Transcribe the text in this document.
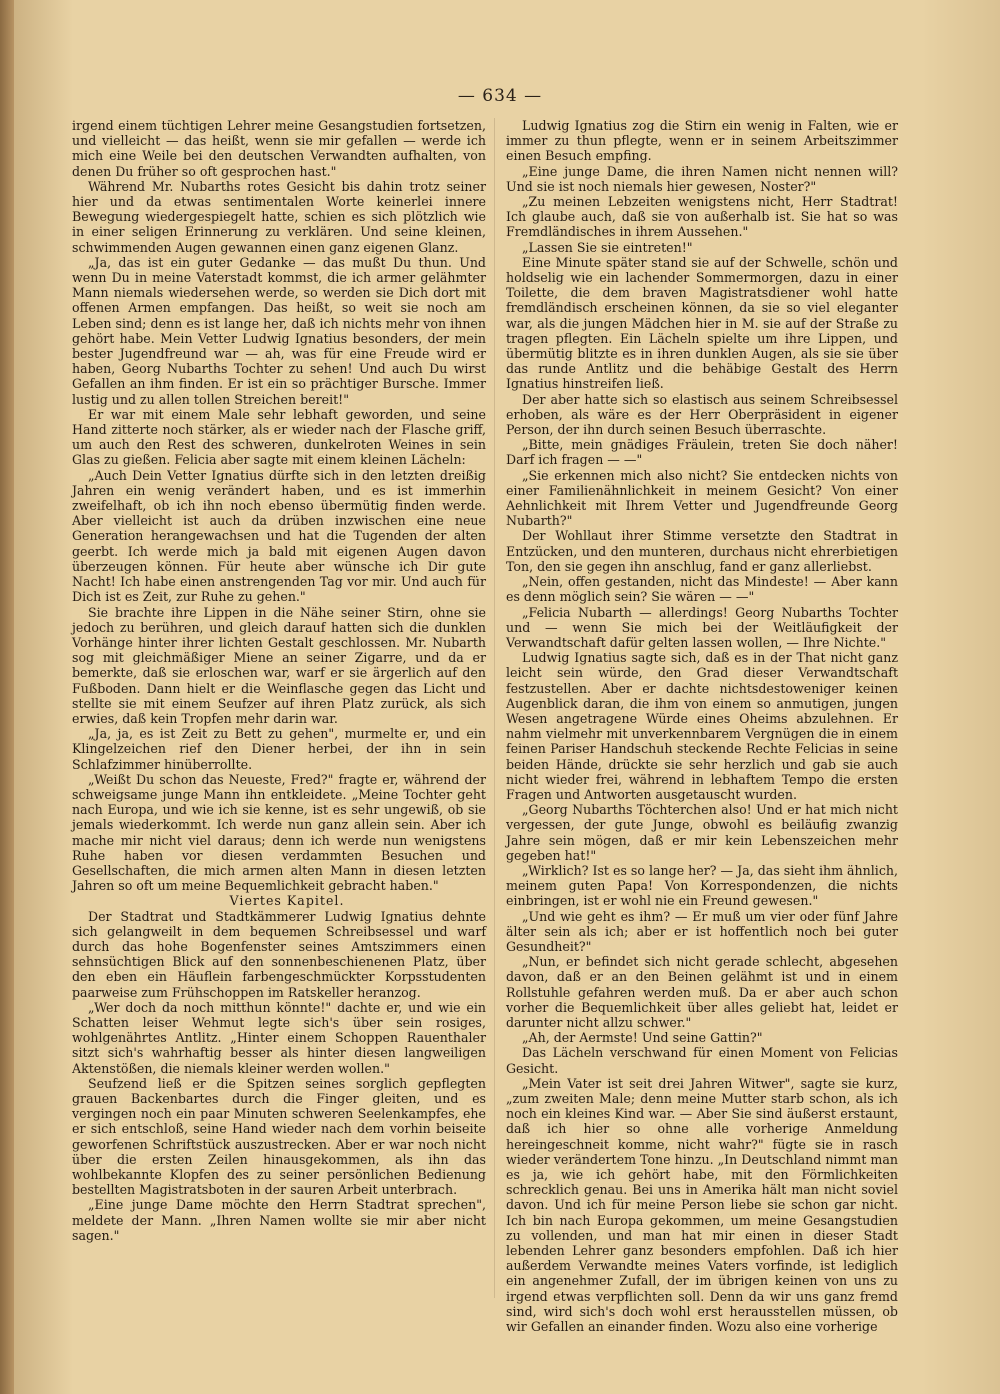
— 634 —

irgend einem tüchtigen Lehrer meine Gesangstudien fortsetzen, und vielleicht — das heißt, wenn sie mir gefallen — werde ich mich eine Weile bei den deutschen Verwandten aufhalten, von denen Du früher so oft gesprochen hast."

Während Mr. Nubarths rotes Gesicht bis dahin trotz seiner hier und da etwas sentimentalen Worte keinerlei innere Bewegung wiedergespiegelt hatte, schien es sich plötzlich wie in einer seligen Erinnerung zu verklären. Und seine kleinen, schwimmenden Augen gewannen einen ganz eigenen Glanz.

„Ja, das ist ein guter Gedanke — das mußt Du thun. Und wenn Du in meine Vaterstadt kommst, die ich armer gelähmter Mann niemals wiedersehen werde, so werden sie Dich dort mit offenen Armen empfangen. Das heißt, so weit sie noch am Leben sind; denn es ist lange her, daß ich nichts mehr von ihnen gehört habe. Mein Vetter Ludwig Ignatius besonders, der mein bester Jugendfreund war — ah, was für eine Freude wird er haben, Georg Nubarths Tochter zu sehen! Und auch Du wirst Gefallen an ihm finden. Er ist ein so prächtiger Bursche. Immer lustig und zu allen tollen Streichen bereit!"

Er war mit einem Male sehr lebhaft geworden, und seine Hand zitterte noch stärker, als er wieder nach der Flasche griff, um auch den Rest des schweren, dunkelroten Weines in sein Glas zu gießen. Felicia aber sagte mit einem kleinen Lächeln:

„Auch Dein Vetter Ignatius dürfte sich in den letzten dreißig Jahren ein wenig verändert haben, und es ist immerhin zweifelhaft, ob ich ihn noch ebenso übermütig finden werde. Aber vielleicht ist auch da drüben inzwischen eine neue Generation herangewachsen und hat die Tugenden der alten geerbt. Ich werde mich ja bald mit eigenen Augen davon überzeugen können. Für heute aber wünsche ich Dir gute Nacht! Ich habe einen anstrengenden Tag vor mir. Und auch für Dich ist es Zeit, zur Ruhe zu gehen."

Sie brachte ihre Lippen in die Nähe seiner Stirn, ohne sie jedoch zu berühren, und gleich darauf hatten sich die dunklen Vorhänge hinter ihrer lichten Gestalt geschlossen. Mr. Nubarth sog mit gleichmäßiger Miene an seiner Zigarre, und da er bemerkte, daß sie erloschen war, warf er sie ärgerlich auf den Fußboden. Dann hielt er die Weinflasche gegen das Licht und stellte sie mit einem Seufzer auf ihren Platz zurück, als sich erwies, daß kein Tropfen mehr darin war.

„Ja, ja, es ist Zeit zu Bett zu gehen", murmelte er, und ein Klingelzeichen rief den Diener herbei, der ihn in sein Schlafzimmer hinüberrollte.

„Weißt Du schon das Neueste, Fred?" fragte er, während der schweigsame junge Mann ihn entkleidete. „Meine Tochter geht nach Europa, und wie ich sie kenne, ist es sehr ungewiß, ob sie jemals wiederkommt. Ich werde nun ganz allein sein. Aber ich mache mir nicht viel daraus; denn ich werde nun wenigstens Ruhe haben vor diesen verdammten Besuchen und Gesellschaften, die mich armen alten Mann in diesen letzten Jahren so oft um meine Bequemlichkeit gebracht haben."

Viertes Kapitel.

Der Stadtrat und Stadtkämmerer Ludwig Ignatius dehnte sich gelangweilt in dem bequemen Schreibsessel und warf durch das hohe Bogenfenster seines Amtszimmers einen sehnsüchtigen Blick auf den sonnenbeschienenen Platz, über den eben ein Häuflein farbengeschmückter Korpsstudenten paarweise zum Frühschoppen im Ratskeller heranzog.

„Wer doch da noch mitthun könnte!" dachte er, und wie ein Schatten leiser Wehmut legte sich's über sein rosiges, wohlgenährtes Antlitz. „Hinter einem Schoppen Rauenthaler sitzt sich's wahrhaftig besser als hinter diesen langweiligen Aktenstößen, die niemals kleiner werden wollen."

Seufzend ließ er die Spitzen seines sorglich gepflegten grauen Backenbartes durch die Finger gleiten, und es vergingen noch ein paar Minuten schweren Seelenkampfes, ehe er sich entschloß, seine Hand wieder nach dem vorhin beiseite geworfenen Schriftstück auszustrecken. Aber er war noch nicht über die ersten Zeilen hinausgekommen, als ihn das wohlbekannte Klopfen des zu seiner persönlichen Bedienung bestellten Magistratsboten in der sauren Arbeit unterbrach.

„Eine junge Dame möchte den Herrn Stadtrat sprechen", meldete der Mann. „Ihren Namen wollte sie mir aber nicht sagen."

Ludwig Ignatius zog die Stirn ein wenig in Falten, wie er immer zu thun pflegte, wenn er in seinem Arbeitszimmer einen Besuch empfing.

„Eine junge Dame, die ihren Namen nicht nennen will? Und sie ist noch niemals hier gewesen, Noster?"

„Zu meinen Lebzeiten wenigstens nicht, Herr Stadtrat! Ich glaube auch, daß sie von außerhalb ist. Sie hat so was Fremdländisches in ihrem Aussehen."

„Lassen Sie sie eintreten!"

Eine Minute später stand sie auf der Schwelle, schön und holdselig wie ein lachender Sommermorgen, dazu in einer Toilette, die dem braven Magistratsdiener wohl hatte fremdländisch erscheinen können, da sie so viel eleganter war, als die jungen Mädchen hier in M. sie auf der Straße zu tragen pflegten. Ein Lächeln spielte um ihre Lippen, und übermütig blitzte es in ihren dunklen Augen, als sie sie über das runde Antlitz und die behäbige Gestalt des Herrn Ignatius hinstreifen ließ.

Der aber hatte sich so elastisch aus seinem Schreibsessel erhoben, als wäre es der Herr Oberpräsident in eigener Person, der ihn durch seinen Besuch überraschte.

„Bitte, mein gnädiges Fräulein, treten Sie doch näher! Darf ich fragen — —"

„Sie erkennen mich also nicht? Sie entdecken nichts von einer Familienähnlichkeit in meinem Gesicht? Von einer Aehnlichkeit mit Ihrem Vetter und Jugendfreunde Georg Nubarth?"

Der Wohllaut ihrer Stimme versetzte den Stadtrat in Entzücken, und den munteren, durchaus nicht ehrerbietigen Ton, den sie gegen ihn anschlug, fand er ganz allerliebst.

„Nein, offen gestanden, nicht das Mindeste! — Aber kann es denn möglich sein? Sie wären — —"

„Felicia Nubarth — allerdings! Georg Nubarths Tochter und — wenn Sie mich bei der Weitläufigkeit der Verwandtschaft dafür gelten lassen wollen, — Ihre Nichte."

Ludwig Ignatius sagte sich, daß es in der That nicht ganz leicht sein würde, den Grad dieser Verwandtschaft festzustellen. Aber er dachte nichtsdestoweniger keinen Augenblick daran, die ihm von einem so anmutigen, jungen Wesen angetragene Würde eines Oheims abzulehnen. Er nahm vielmehr mit unverkennbarem Vergnügen die in einem feinen Pariser Handschuh steckende Rechte Felicias in seine beiden Hände, drückte sie sehr herzlich und gab sie auch nicht wieder frei, während in lebhaftem Tempo die ersten Fragen und Antworten ausgetauscht wurden.

„Georg Nubarths Töchterchen also! Und er hat mich nicht vergessen, der gute Junge, obwohl es beiläufig zwanzig Jahre sein mögen, daß er mir kein Lebenszeichen mehr gegeben hat!"

„Wirklich? Ist es so lange her? — Ja, das sieht ihm ähnlich, meinem guten Papa! Von Korrespondenzen, die nichts einbringen, ist er wohl nie ein Freund gewesen."

„Und wie geht es ihm? — Er muß um vier oder fünf Jahre älter sein als ich; aber er ist hoffentlich noch bei guter Gesundheit?"

„Nun, er befindet sich nicht gerade schlecht, abgesehen davon, daß er an den Beinen gelähmt ist und in einem Rollstuhle gefahren werden muß. Da er aber auch schon vorher die Bequemlichkeit über alles geliebt hat, leidet er darunter nicht allzu schwer."

„Ah, der Aermste! Und seine Gattin?"

Das Lächeln verschwand für einen Moment von Felicias Gesicht.

„Mein Vater ist seit drei Jahren Witwer", sagte sie kurz, „zum zweiten Male; denn meine Mutter starb schon, als ich noch ein kleines Kind war. — Aber Sie sind äußerst erstaunt, daß ich hier so ohne alle vorherige Anmeldung hereingeschneit komme, nicht wahr?" fügte sie in rasch wieder verändertem Tone hinzu. „In Deutschland nimmt man es ja, wie ich gehört habe, mit den Förmlichkeiten schrecklich genau. Bei uns in Amerika hält man nicht soviel davon. Und ich für meine Person liebe sie schon gar nicht. Ich bin nach Europa gekommen, um meine Gesangstudien zu vollenden, und man hat mir einen in dieser Stadt lebenden Lehrer ganz besonders empfohlen. Daß ich hier außerdem Verwandte meines Vaters vorfinde, ist lediglich ein angenehmer Zufall, der im übrigen keinen von uns zu irgend etwas verpflichten soll. Denn da wir uns ganz fremd sind, wird sich's doch wohl erst herausstellen müssen, ob wir Gefallen an einander finden. Wozu also eine vorherige
